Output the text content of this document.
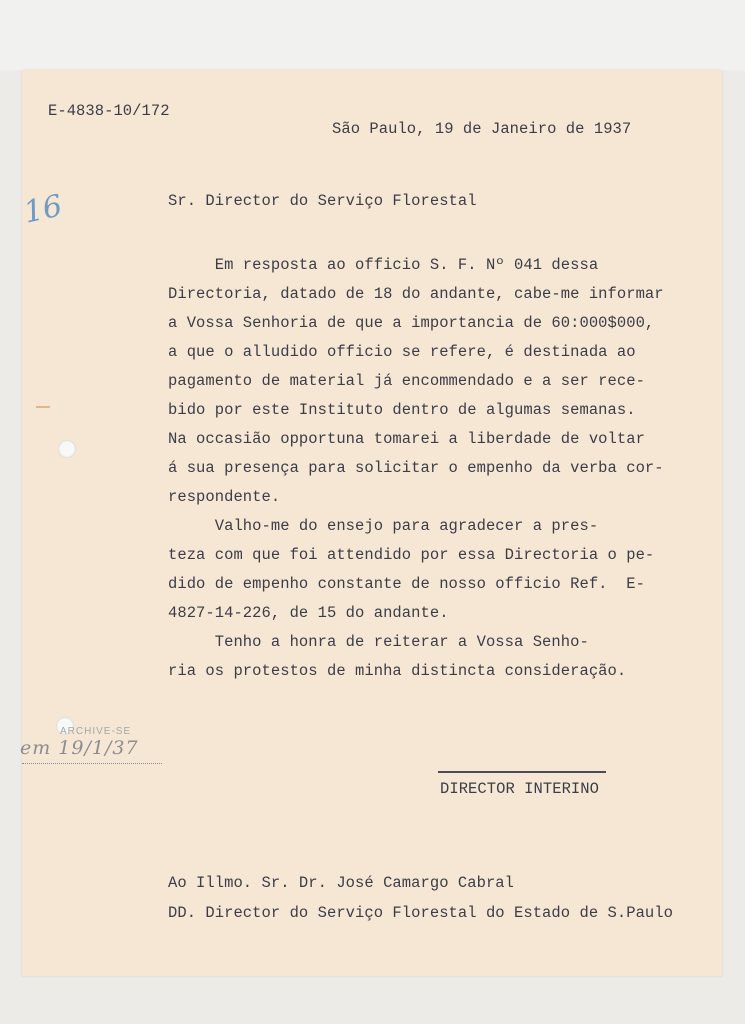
E-4838-10/172

São Paulo, 19 de Janeiro de 1937

Sr. Director do Serviço Florestal

16
Em resposta ao officio S. F. Nº 041 dessa
Directoria, datado de 18 do andante, cabe-me informar
a Vossa Senhoria de que a importancia de 60:000$000,
a que o alludido officio se refere, é destinada ao
pagamento de material já encommendado e a ser rece-
bido por este Instituto dentro de algumas semanas.
Na occasião opportuna tomarei a liberdade de voltar
á sua presença para solicitar o empenho da verba cor-
respondente.
Valho-me do ensejo para agradecer a pres-
teza com que foi attendido por essa Directoria o pe-
dido de empenho constante de nosso officio Ref.  E-
4827-14-226, de 15 do andante.
Tenho a honra de reiterar a Vossa Senho-
ria os protestos de minha distincta consideração.
ARCHIVE-SE
em 19/1/37

DIRECTOR INTERINO

Ao Illmo. Sr. Dr. José Camargo Cabral

DD. Director do Serviço Florestal do Estado de S.Paulo
